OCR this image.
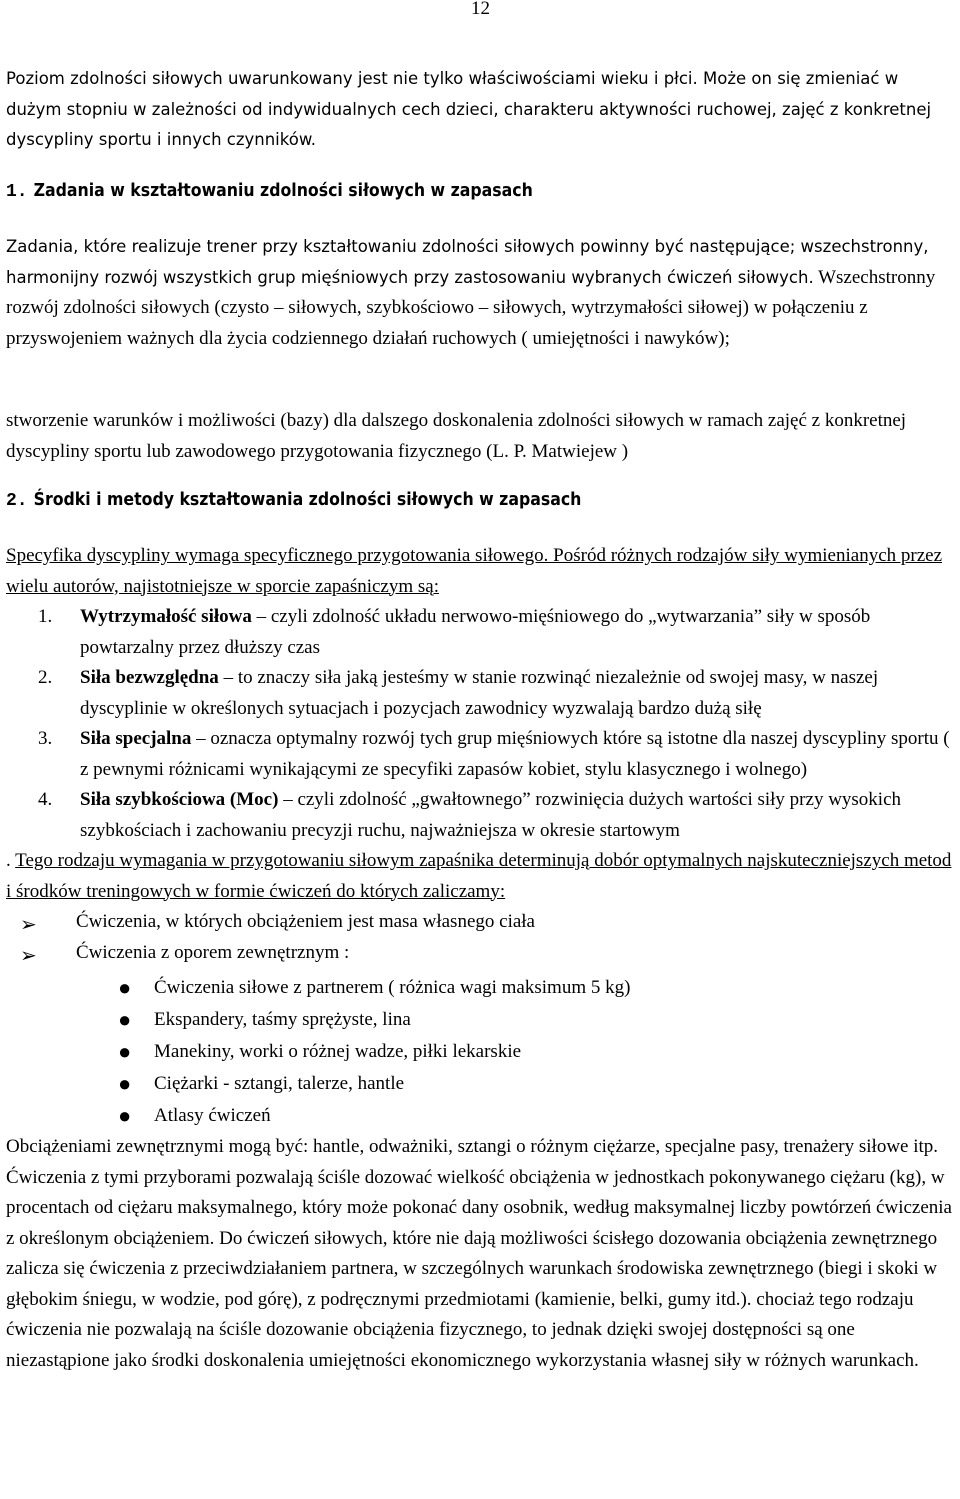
12

Poziom zdolności siłowych uwarunkowany jest nie tylko właściwościami wieku i płci. Może on się zmieniać w dużym stopniu w zależności od indywidualnych cech dzieci, charakteru aktywności ruchowej, zajęć z konkretnej dyscypliny sportu i innych czynników.

1. Zadania w kształtowaniu zdolności siłowych w zapasach

Zadania, które realizuje trener przy kształtowaniu zdolności siłowych powinny być następujące; wszechstronny, harmonijny rozwój wszystkich grup mięśniowych przy zastosowaniu wybranych ćwiczeń siłowych. Wszechstronny rozwój zdolności siłowych (czysto – siłowych, szybkościowo – siłowych, wytrzymałości siłowej) w połączeniu z przyswojeniem ważnych dla życia codziennego działań ruchowych ( umiejętności i nawyków);

stworzenie warunków i możliwości (bazy) dla dalszego doskonalenia zdolności siłowych w ramach zajęć z konkretnej dyscypliny sportu lub zawodowego przygotowania fizycznego (L. P. Matwiejew )

2. Środki i metody kształtowania zdolności siłowych w zapasach

Specyfika dyscypliny wymaga specyficznego przygotowania siłowego. Pośród różnych rodzajów siły wymienianych przez wielu autorów, najistotniejsze w sporcie zapaśniczym są:

1. Wytrzymałość siłowa – czyli zdolność układu nerwowo-mięśniowego do „wytwarzania” siły w sposób powtarzalny przez dłuższy czas
2. Siła bezwzględna – to znaczy siła jaką jesteśmy w stanie rozwinąć niezależnie od swojej masy, w naszej dyscyplinie w określonych sytuacjach i pozycjach zawodnicy wyzwalają bardzo dużą siłę
3. Siła specjalna – oznacza optymalny rozwój tych grup mięśniowych które są istotne dla naszej dyscypliny sportu ( z pewnymi różnicami wynikającymi ze specyfiki zapasów kobiet, stylu klasycznego i wolnego)
4. Siła szybkościowa (Moc) – czyli zdolność „gwałtownego” rozwinięcia dużych wartości siły przy wysokich szybkościach i zachowaniu precyzji ruchu, najważniejsza w okresie startowym

. Tego rodzaju wymagania w przygotowaniu siłowym zapaśnika determinują dobór optymalnych najskuteczniejszych metod i środków treningowych w formie ćwiczeń do których zaliczamy:

➢ Ćwiczenia, w których obciążeniem jest masa własnego ciała
➢ Ćwiczenia z oporem zewnętrznym :
● Ćwiczenia siłowe z partnerem ( różnica wagi maksimum 5 kg)
● Ekspandery, taśmy sprężyste, lina
● Manekiny, worki o różnej wadze, piłki lekarskie
● Ciężarki - sztangi, talerze, hantle
● Atlasy ćwiczeń

Obciążeniami zewnętrznymi mogą być: hantle, odważniki, sztangi o różnym ciężarze, specjalne pasy, trenażery siłowe itp. Ćwiczenia z tymi przyborami pozwalają ściśle dozować wielkość obciążenia w jednostkach pokonywanego ciężaru (kg), w procentach od ciężaru maksymalnego, który może pokonać dany osobnik, według maksymalnej liczby powtórzeń ćwiczenia z określonym obciążeniem. Do ćwiczeń siłowych, które nie dają możliwości ścisłego dozowania obciążenia zewnętrznego zalicza się ćwiczenia z przeciwdziałaniem partnera, w szczególnych warunkach środowiska zewnętrznego (biegi i skoki w głębokim śniegu, w wodzie, pod górę), z podręcznymi przedmiotami (kamienie, belki, gumy itd.). chociaż tego rodzaju ćwiczenia nie pozwalają na ściśle dozowanie obciążenia fizycznego, to jednak dzięki swojej dostępności są one niezastąpione jako środki doskonalenia umiejętności ekonomicznego wykorzystania własnej siły w różnych warunkach.
